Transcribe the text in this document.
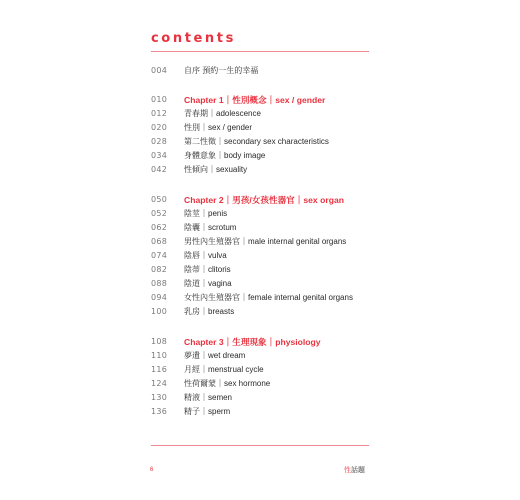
contents
004 自序 預約一生的幸福
010 Chapter 1｜性別概念｜sex / gender
012 青春期｜adolescence
020 性別｜sex / gender
028 第二性徵｜secondary sex characteristics
034 身體意象｜body image
042 性傾向｜sexuality
050 Chapter 2｜男孩/女孩性器官｜sex organ
052 陰莖｜penis
062 陰囊｜scrotum
068 男性內生殖器官｜male internal genital organs
074 陰唇｜vulva
082 陰蒂｜clitoris
088 陰道｜vagina
094 女性內生殖器官｜female internal genital organs
100 乳房｜breasts
108 Chapter 3｜生理現象｜physiology
110 夢遺｜wet dream
116 月經｜menstrual cycle
124 性荷爾蒙｜sex hormone
130 精液｜semen
136 精子｜sperm
6	性話題
